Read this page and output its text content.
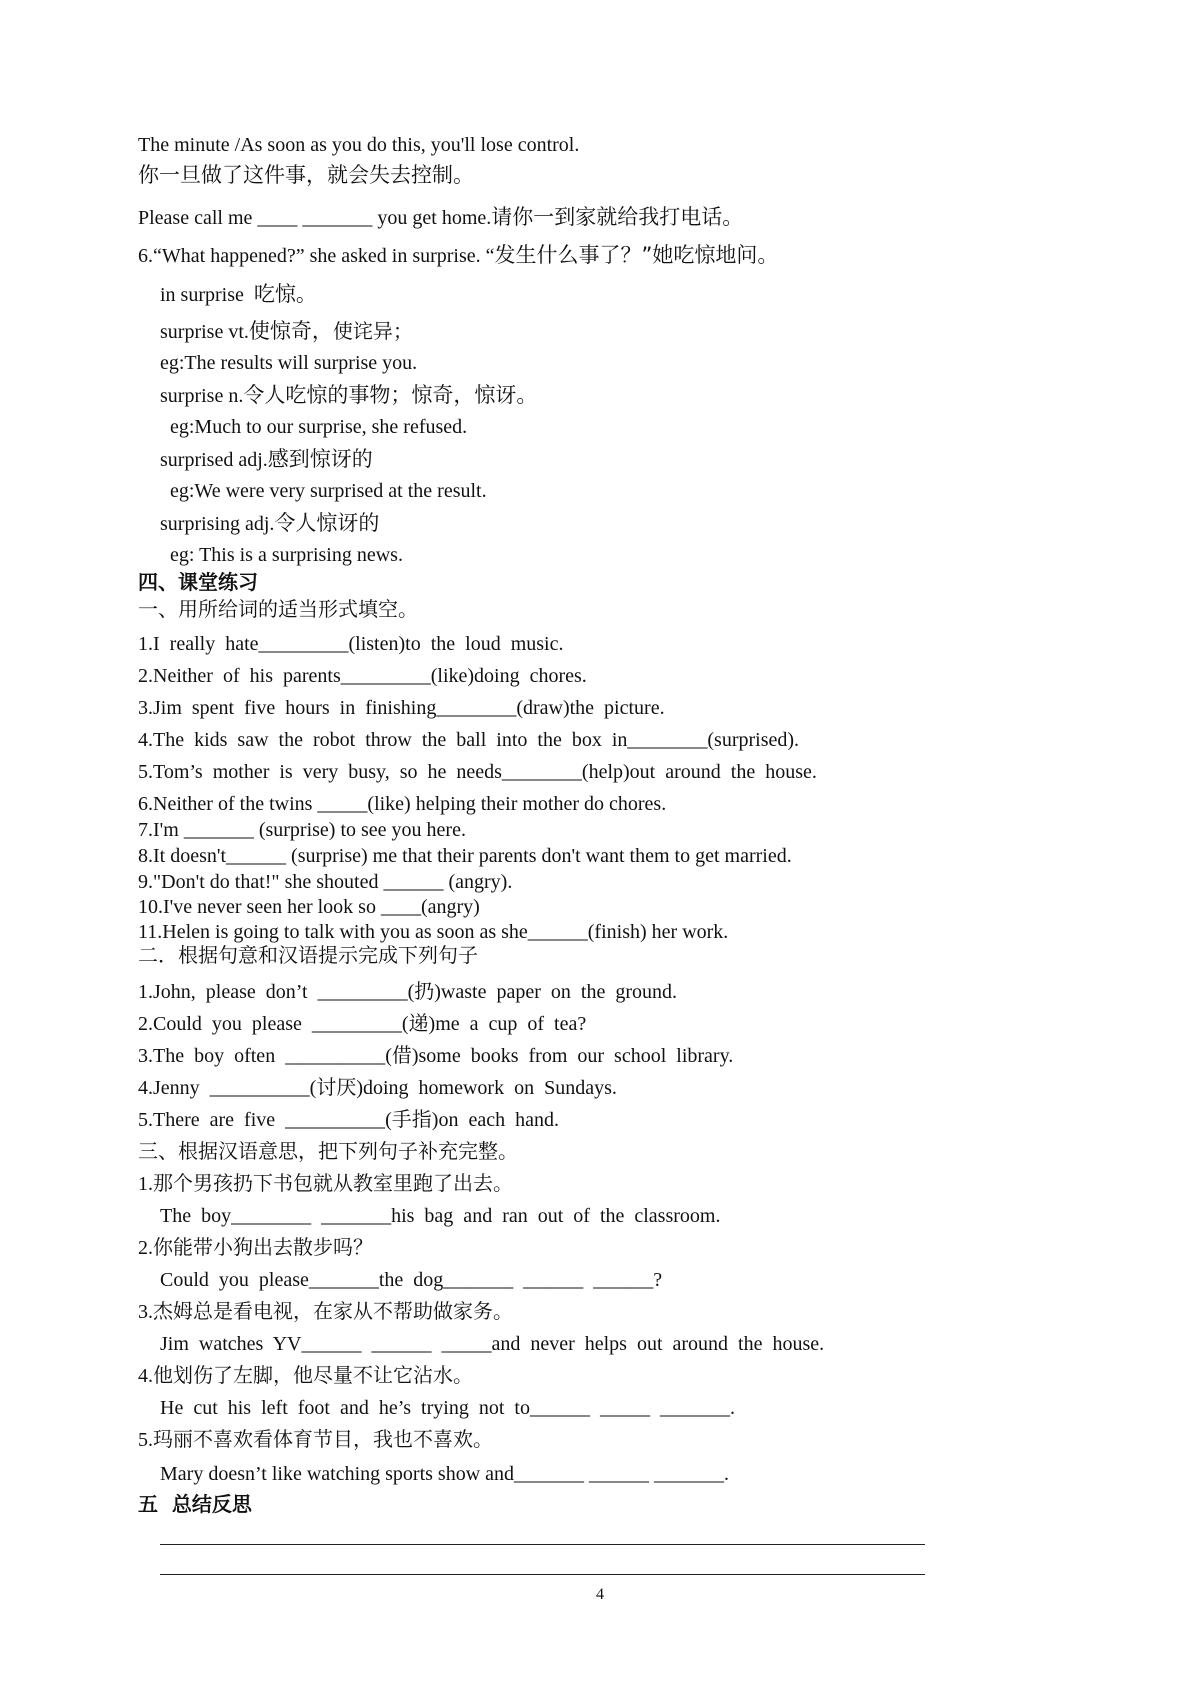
The minute /As soon as you do this, you'll lose control.
你一旦做了这件事，就会失去控制。
Please call me ____ _______ you get home.请你一到家就给我打电话。
6.“What happened?” she asked in surprise. “发生什么事了？”她吃惊地问。
in surprise  吃惊。
surprise vt.使惊奇，使诧异；
eg:The results will surprise you.
surprise n.令人吃惊的事物；惊奇，惊讶。
eg:Much to our surprise, she refused.
surprised adj.感到惊讶的
eg:We were very surprised at the result.
surprising adj.令人惊讶的
eg: This is a surprising news.
四、课堂练习
一、用所给词的适当形式填空。
1.I  really  hate_________(listen)to  the  loud  music.
2.Neither  of  his  parents_________(like)doing  chores.
3.Jim  spent  five  hours  in  finishing________(draw)the  picture.
4.The  kids  saw  the  robot  throw  the  ball  into  the  box  in________(surprised).
5.Tom’s  mother  is  very  busy,  so  he  needs________(help)out  around  the  house.
6.Neither of the twins _____(like) helping their mother do chores.
7.I'm _______ (surprise) to see you here.
8.It doesn't______ (surprise) me that their parents don't want them to get married.
9."Don't do that!" she shouted ______ (angry).
10.I've never seen her look so ____(angry)
11.Helen is going to talk with you as soon as she______(finish) her work.
二．根据句意和汉语提示完成下列句子
1.John,  please  don’t  _________(扔)waste  paper  on  the  ground.
2.Could  you  please  _________(递)me  a  cup  of  tea?
3.The  boy  often  __________(借)some  books  from  our  school  library.
4.Jenny  __________(讨厌)doing  homework  on  Sundays.
5.There  are  five  __________(手指)on  each  hand.
三、根据汉语意思，把下列句子补充完整。
1.那个男孩扔下书包就从教室里跑了出去。
The  boy________  _______his  bag  and  ran  out  of  the  classroom.
2.你能带小狗出去散步吗？
Could  you  please_______the  dog_______  ______  ______?
3.杰姆总是看电视，在家从不帮助做家务。
Jim  watches  YV______  ______  _____and  never  helps  out  around  the  house.
4.他划伤了左脚，他尽量不让它沾水。
He  cut  his  left  foot  and  he’s  trying  not  to______  _____  _______.
5.玛丽不喜欢看体育节目，我也不喜欢。
Mary doesn’t like watching sports show and_______ ______ _______.
五  总结反思
4
